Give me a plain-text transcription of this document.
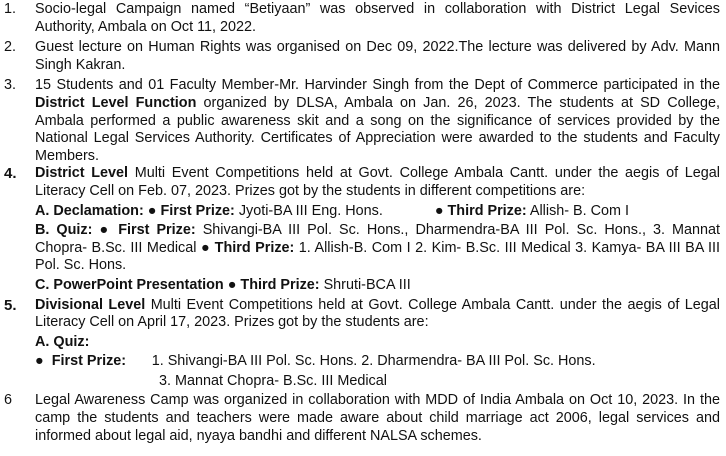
1.	Socio-legal Campaign named “Betiyaan” was observed in collaboration with District Legal Sevices Authority, Ambala on Oct 11, 2022.
2.	Guest lecture on Human Rights was organised on Dec 09, 2022.The lecture was delivered by Adv. Mann Singh Kakran.
3.	15 Students and 01 Faculty Member-Mr. Harvinder Singh from the Dept of Commerce participated in the District Level Function organized by DLSA, Ambala on Jan. 26, 2023. The students at SD College, Ambala performed a public awareness skit and a song on the significance of services provided by the National Legal Services Authority. Certificates of Appreciation were awarded to the students and Faculty Members.
4.	District Level Multi Event Competitions held at Govt. College Ambala Cantt. under the aegis of Legal Literacy Cell on Feb. 07, 2023. Prizes got by the students in different competitions are:
A. Declamation: ● First Prize: Jyoti-BA III Eng. Hons.	● Third Prize: Allish- B. Com I
B. Quiz: ● First Prize: Shivangi-BA III Pol. Sc. Hons., Dharmendra-BA III Pol. Sc. Hons., 3. Mannat Chopra- B.Sc. III Medical ● Third Prize: 1. Allish-B. Com I 2. Kim- B.Sc. III Medical 3. Kamya- BA III BA III Pol. Sc. Hons.
C. PowerPoint Presentation ● Third Prize: Shruti-BCA III
5.	Divisional Level Multi Event Competitions held at Govt. College Ambala Cantt. under the aegis of Legal Literacy Cell on April 17, 2023. Prizes got by the students are:
A. Quiz:
● First Prize: 1. Shivangi-BA III Pol. Sc. Hons. 2. Dharmendra- BA III Pol. Sc. Hons.
3. Mannat Chopra- B.Sc. III Medical
6	Legal Awareness Camp was organized in collaboration with MDD of India Ambala on Oct 10, 2023. In the camp the students and teachers were made aware about child marriage act 2006, legal services and informed about legal aid, nyaya bandhi and different NALSA schemes.
